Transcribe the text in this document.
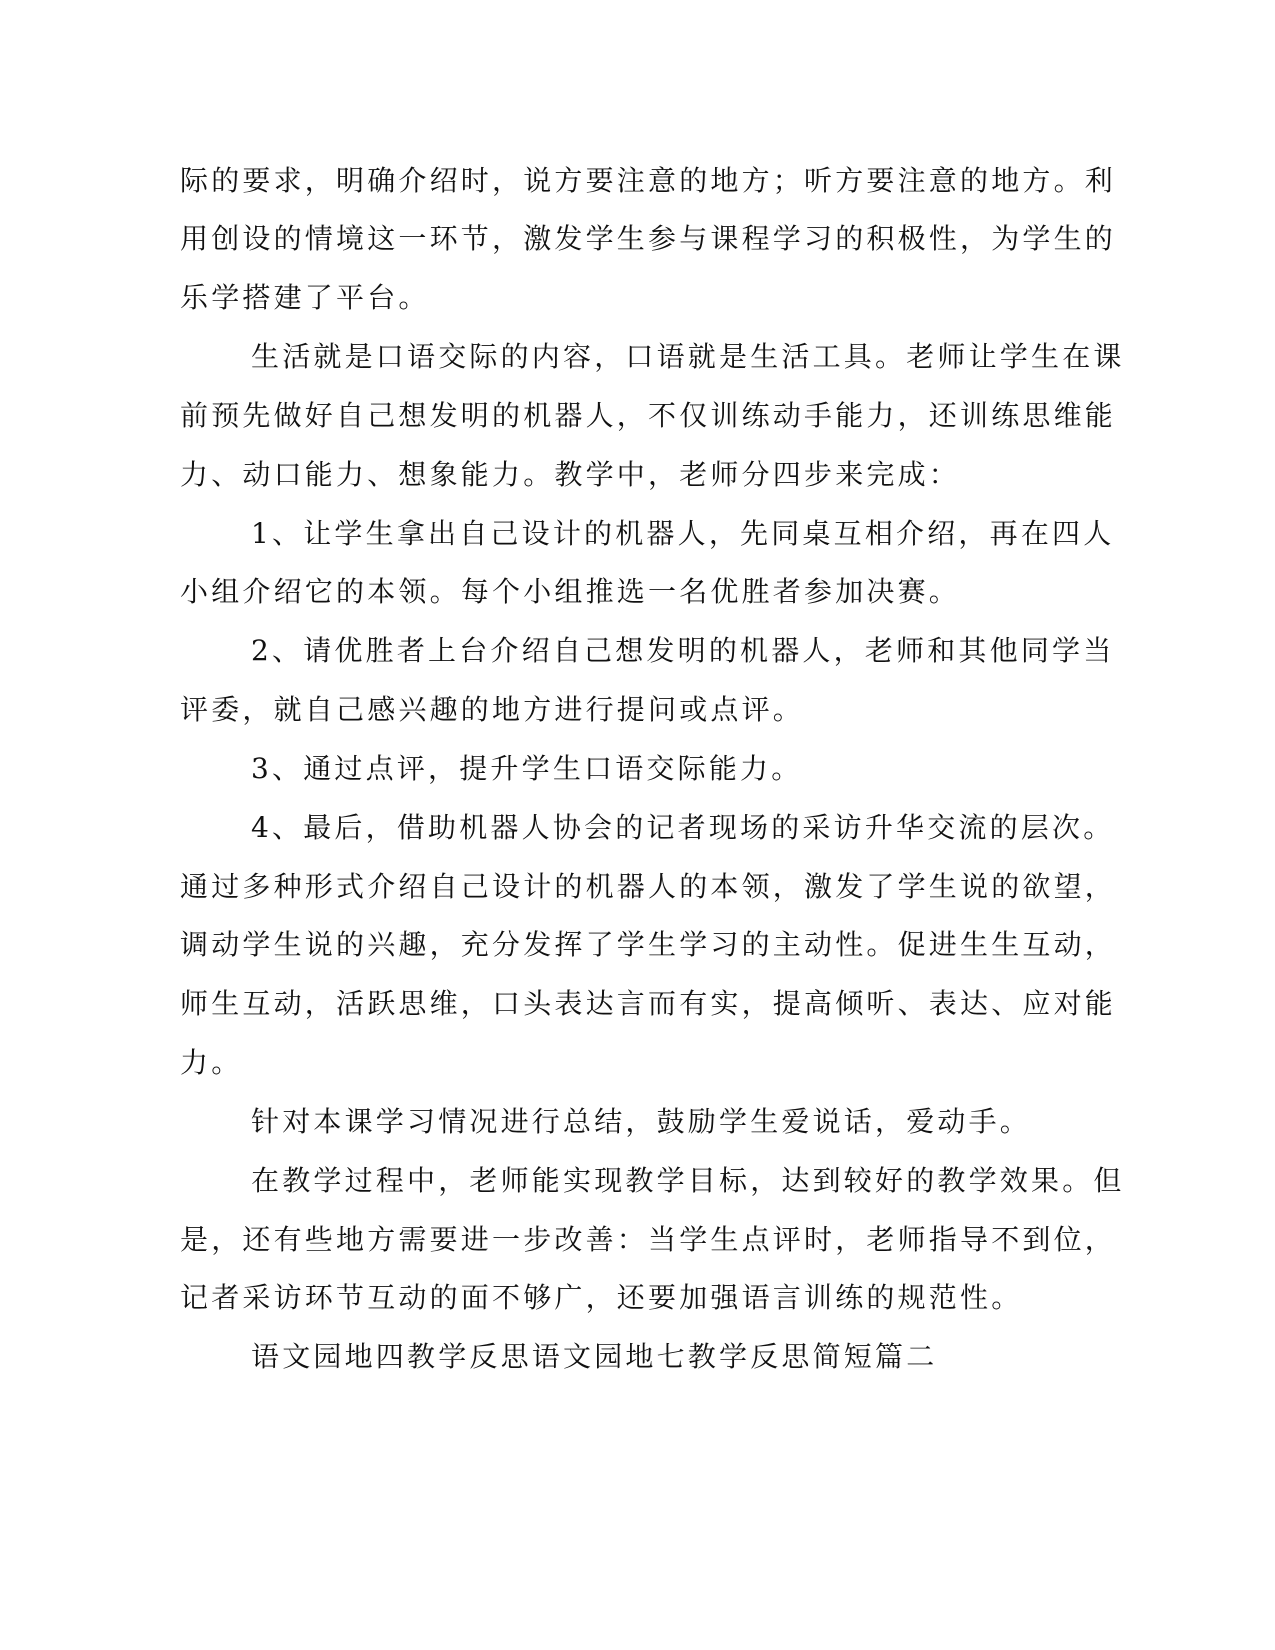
际的要求，明确介绍时，说方要注意的地方；听方要注意的地方。利
用创设的情境这一环节，激发学生参与课程学习的积极性，为学生的
乐学搭建了平台。
生活就是口语交际的内容，口语就是生活工具。老师让学生在课
前预先做好自己想发明的机器人，不仅训练动手能力，还训练思维能
力、动口能力、想象能力。教学中，老师分四步来完成：
1、让学生拿出自己设计的机器人，先同桌互相介绍，再在四人
小组介绍它的本领。每个小组推选一名优胜者参加决赛。
2、请优胜者上台介绍自己想发明的机器人，老师和其他同学当
评委，就自己感兴趣的地方进行提问或点评。
3、通过点评，提升学生口语交际能力。
4、最后，借助机器人协会的记者现场的采访升华交流的层次。
通过多种形式介绍自己设计的机器人的本领，激发了学生说的欲望，
调动学生说的兴趣，充分发挥了学生学习的主动性。促进生生互动，
师生互动，活跃思维，口头表达言而有实，提高倾听、表达、应对能
力。
针对本课学习情况进行总结，鼓励学生爱说话，爱动手。
在教学过程中，老师能实现教学目标，达到较好的教学效果。但
是，还有些地方需要进一步改善：当学生点评时，老师指导不到位，
记者采访环节互动的面不够广，还要加强语言训练的规范性。
语文园地四教学反思语文园地七教学反思简短篇二
